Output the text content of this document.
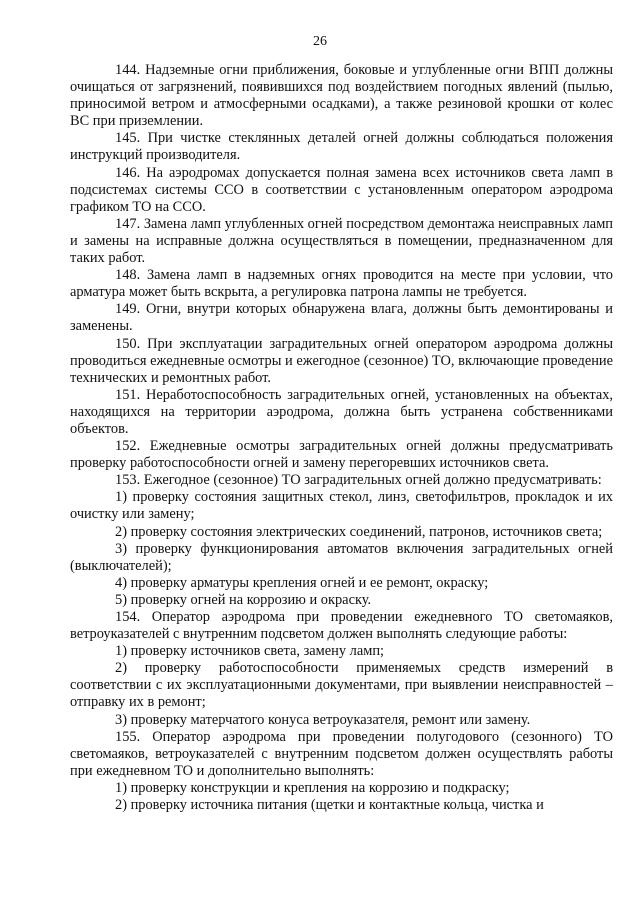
26

144. Надземные огни приближения, боковые и углубленные огни ВПП должны очищаться от загрязнений, появившихся под воздействием погодных явлений (пылью, приносимой ветром и атмосферными осадками), а также резиновой крошки от колес ВС при приземлении.

145. При чистке стеклянных деталей огней должны соблюдаться положения инструкций производителя.

146. На аэродромах допускается полная замена всех источников света ламп в подсистемах системы ССО в соответствии с установленным оператором аэродрома графиком ТО на ССО.

147. Замена ламп углубленных огней посредством демонтажа неисправных ламп и замены на исправные должна осуществляться в помещении, предназначенном для таких работ.

148. Замена ламп в надземных огнях проводится на месте при условии, что арматура может быть вскрыта, а регулировка патрона лампы не требуется.

149. Огни, внутри которых обнаружена влага, должны быть демонтированы и заменены.

150. При эксплуатации заградительных огней оператором аэродрома должны проводиться ежедневные осмотры и ежегодное (сезонное) ТО, включающие проведение технических и ремонтных работ.

151. Неработоспособность заградительных огней, установленных на объектах, находящихся на территории аэродрома, должна быть устранена собственниками объектов.

152. Ежедневные осмотры заградительных огней должны предусматривать проверку работоспособности огней и замену перегоревших источников света.

153. Ежегодное (сезонное) ТО заградительных огней должно предусматривать:

1) проверку состояния защитных стекол, линз, светофильтров, прокладок и их очистку или замену;

2) проверку состояния электрических соединений, патронов, источников света;

3) проверку функционирования автоматов включения заградительных огней (выключателей);

4) проверку арматуры крепления огней и ее ремонт, окраску;

5) проверку огней на коррозию и окраску.

154. Оператор аэродрома при проведении ежедневного ТО светомаяков, ветроуказателей с внутренним подсветом должен выполнять следующие работы:

1) проверку источников света, замену ламп;

2) проверку работоспособности применяемых средств измерений в соответствии с их эксплуатационными документами, при выявлении неисправностей – отправку их в ремонт;

3) проверку матерчатого конуса ветроуказателя, ремонт или замену.

155. Оператор аэродрома при проведении полугодового (сезонного) ТО светомаяков, ветроуказателей с внутренним подсветом должен осуществлять работы при ежедневном ТО и дополнительно выполнять:

1) проверку конструкции и крепления на коррозию и подкраску;

2) проверку источника питания (щетки и контактные кольца, чистка и
